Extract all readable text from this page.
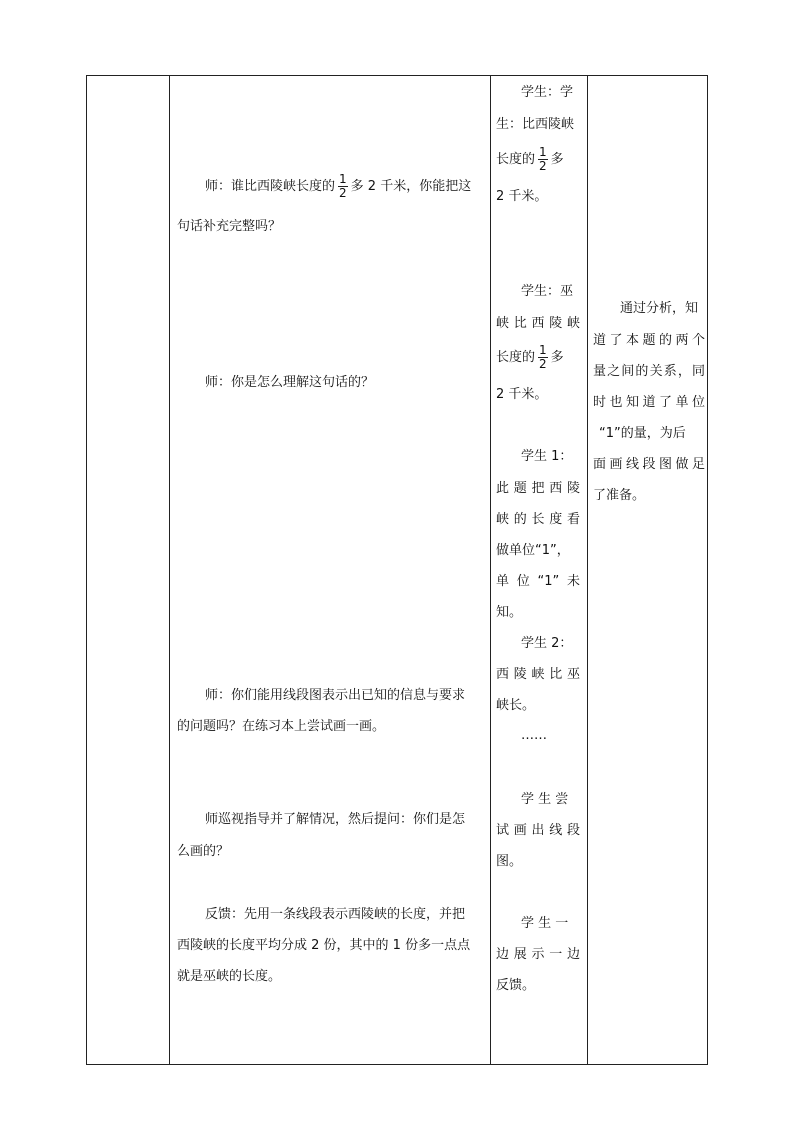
师：谁比西陵峡长度的 $\frac{1}{2}$ 多 2 千米，你能把这
句话补充完整吗？
师：你是怎么理解这句话的？
师：你们能用线段图表示出已知的信息与要求
的问题吗？在练习本上尝试画一画。
师巡视指导并了解情况，然后提问：你们是怎
么画的？
反馈：先用一条线段表示西陵峡的长度，并把
西陵峡的长度平均分成 2 份，其中的 1 份多一点点
就是巫峡的长度。
学生：学
生：比西陵峡
长度的 $\frac{1}{2}$ 多
2 千米。
学生：巫
峡比西陵峡
长度的 $\frac{1}{2}$ 多
2 千米。
学生 1：
此题把西陵
峡的长度看
做单位“1”，
单位“1”未
知。
学生 2：
西陵峡比巫
峡长。
……
学 生 尝
试画出线段
图。
学 生 一
边展示一边
反馈。
通过分析，知
道了本题的两个
量之间的关系，同
时也知道了单位
“1”的量，为后
面画线段图做足
了准备。
